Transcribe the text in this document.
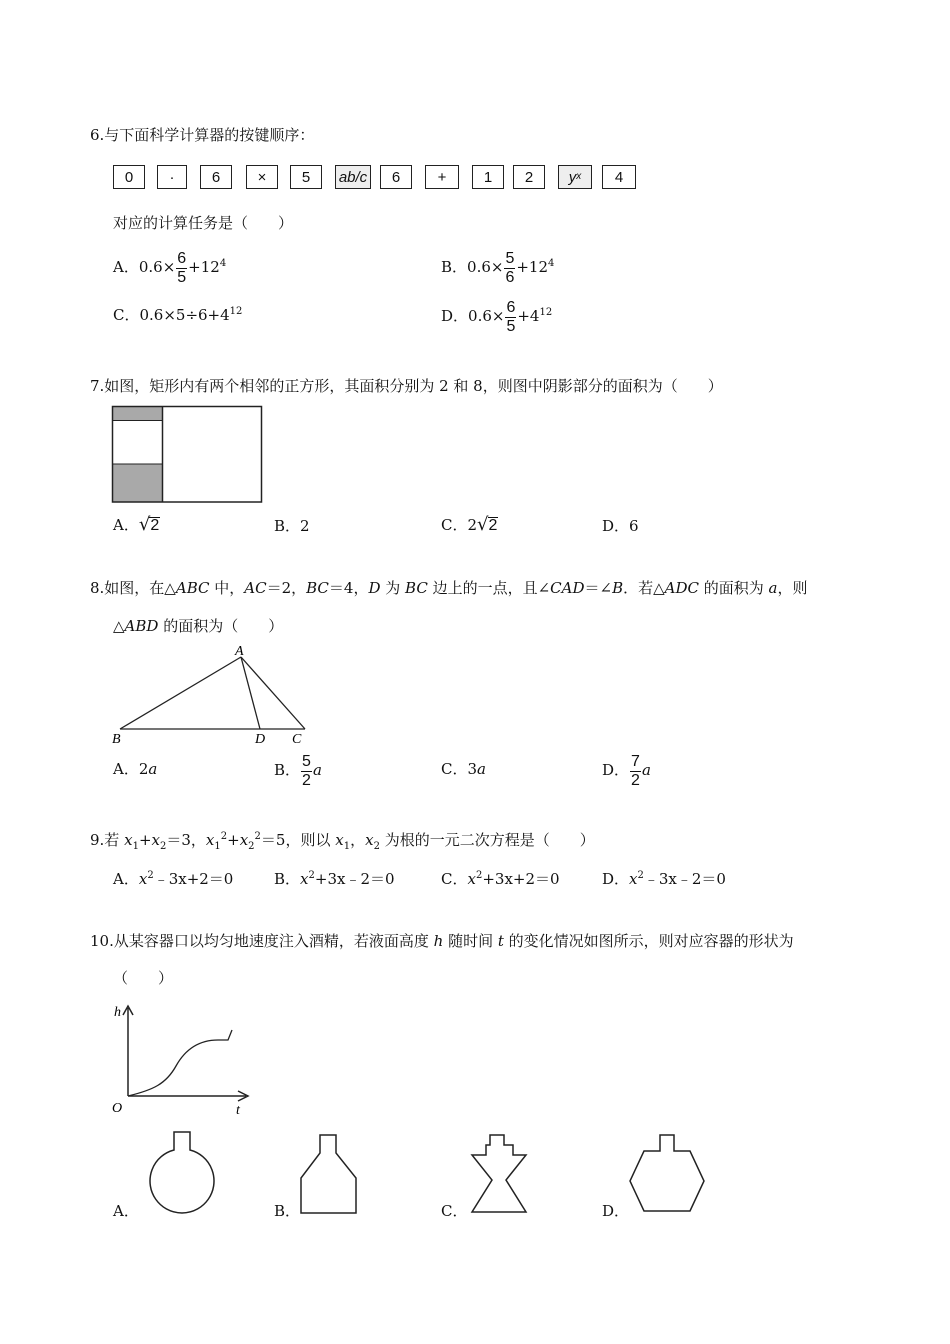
6.与下面科学计算器的按键顺序：
0	·	6	×	5	ab/c	6	+	1	2	y x	4
对应的计算任务是（　　）
A．$0.6\times \frac{6}{5} +12^4$	B．$0.6\times \frac{5}{6} +12^4$
C．$0.6\times 5\div 6+4^{12}$	D．$0.6\times \frac{6}{5} +4^{12}$
7.如图，矩形内有两个相邻的正方形，其面积分别为 2 和 8，则图中阴影部分的面积为（　　）
A．√2	B．2	C．2√2	D．6
8.如图，在△ABC 中，AC＝2，BC＝4，D 为 BC 边上的一点，且∠CAD＝∠B．若△ADC 的面积为 a，则
△ABD 的面积为（　　）
A
B	D C
A．2a	B． $\frac{5}{2}$ a	C．3a	D． $\frac{7}{2}$ a
9.若 $x_1+x_2=3$，$x_1^2+x_2^2=5$，则以 $x_1$，$x_2$ 为根的一元二次方程是（　　）
A．$x^2﹣3x+2=0$	B．$x^2+3x﹣2=0$	C．$x^2+3x+2=0$	D．$x^2﹣3x﹣2=0$
10.从某容器口以均匀地速度注入酒精，若液面高度 h 随时间 t 的变化情况如图所示，则对应容器的形状为
（　　）
h
O	t
A．	B．	C．	D．
